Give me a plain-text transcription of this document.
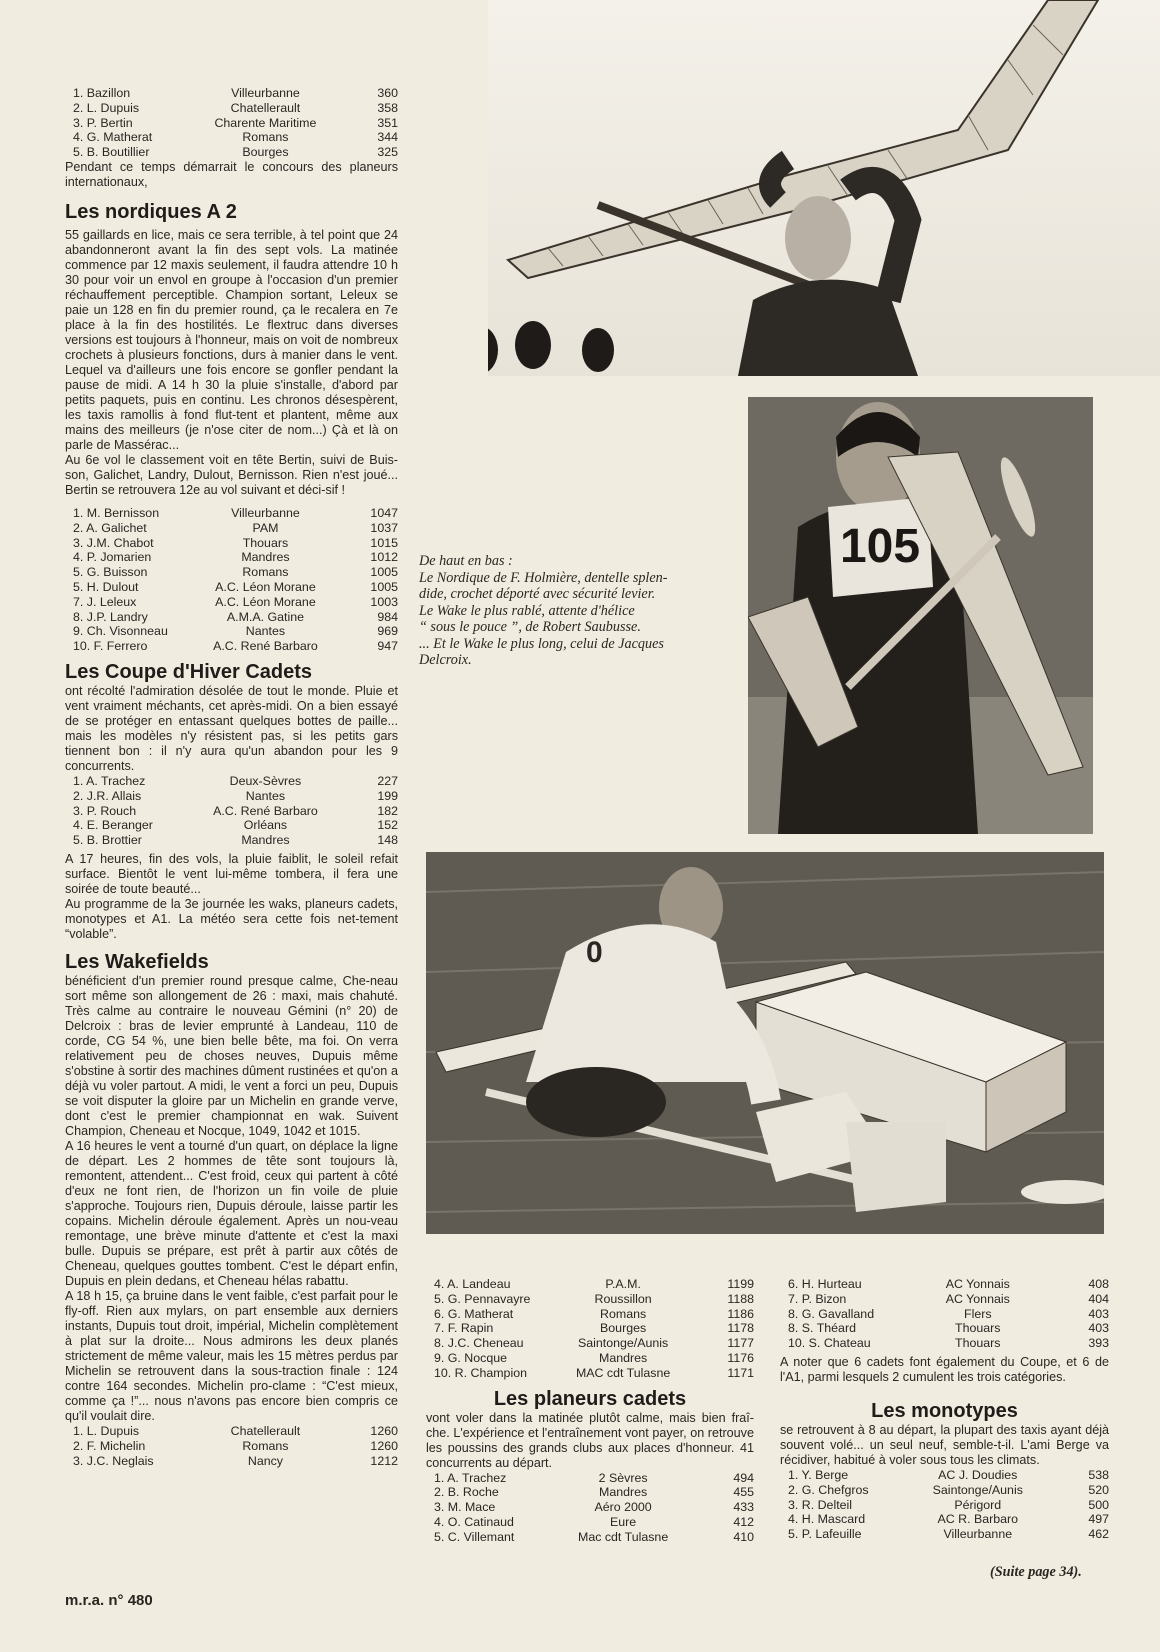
1. Bazillon	Villeurbanne	360
2. L. Dupuis	Chatellerault	358
3. P. Bertin	Charente Maritime	351
4. G. Matherat	Romans	344
5. B. Boutillier	Bourges	325

Pendant ce temps démarrait le concours des planeurs internationaux,

Les nordiques A 2

55 gaillards en lice, mais ce sera terrible, à tel point que 24 abandonneront avant la fin des sept vols. La matinée commence par 12 maxis seulement, il faudra attendre 10 h 30 pour voir un envol en groupe à l'occasion d'un premier réchauffement perceptible. Champion sortant, Leleux se paie un 128 en fin du premier round, ça le recalera en 7e place à la fin des hostilités. Le flextruc dans diverses versions est toujours à l'honneur, mais on voit de nombreux crochets à plusieurs fonctions, durs à manier dans le vent. Lequel va d'ailleurs une fois encore se gonfler pendant la pause de midi. A 14 h 30 la pluie s'installe, d'abord par petits paquets, puis en continu. Les chronos désespèrent, les taxis ramollis à fond flut-tent et plantent, même aux mains des meilleurs (je n'ose citer de nom...) Çà et là on parle de Massérac...

Au 6e vol le classement voit en tête Bertin, suivi de Buis-son, Galichet, Landry, Dulout, Bernisson. Rien n'est joué... Bertin se retrouvera 12e au vol suivant et déci-sif !

1. M. Bernisson	Villeurbanne	1047
2. A. Galichet	PAM	1037
3. J.M. Chabot	Thouars	1015
4. P. Jomarien	Mandres	1012
5. G. Buisson	Romans	1005
5. H. Dulout	A.C. Léon Morane	1005
7. J. Leleux	A.C. Léon Morane	1003
8. J.P. Landry	A.M.A. Gatine	984
9. Ch. Visonneau	Nantes	969
10. F. Ferrero	A.C. René Barbaro	947
Les Coupe d'Hiver Cadets

ont récolté l'admiration désolée de tout le monde. Pluie et vent vraiment méchants, cet après-midi. On a bien essayé de se protéger en entassant quelques bottes de paille... mais les modèles n'y résistent pas, si les petits gars tiennent bon : il n'y aura qu'un abandon pour les 9 concurrents.

1. A. Trachez	Deux-Sèvres	227
2. J.R. Allais	Nantes	199
3. P. Rouch	A.C. René Barbaro	182
4. E. Beranger	Orléans	152
5. B. Brottier	Mandres	148

A 17 heures, fin des vols, la pluie faiblit, le soleil refait surface. Bientôt le vent lui-même tombera, il fera une soirée de toute beauté...

Au programme de la 3e journée les waks, planeurs cadets, monotypes et A1. La météo sera cette fois net-tement “volable”.

Les Wakefields

bénéficient d'un premier round presque calme, Che-neau sort même son allongement de 26 : maxi, mais chahuté. Très calme au contraire le nouveau Gémini (n° 20) de Delcroix : bras de levier emprunté à Landeau, 110 de corde, CG 54 %, une bien belle bête, ma foi. On verra relativement peu de choses neuves, Dupuis même s'obstine à sortir des machines dûment rustinées et qu'on a déjà vu voler partout. A midi, le vent a forci un peu, Dupuis se voit disputer la gloire par un Michelin en grande verve, dont c'est le premier championnat en wak. Suivent Champion, Cheneau et Nocque, 1049, 1042 et 1015.

A 16 heures le vent a tourné d'un quart, on déplace la ligne de départ. Les 2 hommes de tête sont toujours là, remontent, attendent... C'est froid, ceux qui partent à côté d'eux ne font rien, de l'horizon un fin voile de pluie s'approche. Toujours rien, Dupuis déroule, laisse partir les copains. Michelin déroule également. Après un nou-veau remontage, une brève minute d'attente et c'est la maxi bulle. Dupuis se prépare, est prêt à partir aux côtés de Cheneau, quelques gouttes tombent. C'est le départ enfin, Dupuis en plein dedans, et Cheneau hélas rabattu.

A 18 h 15, ça bruine dans le vent faible, c'est parfait pour le fly-off. Rien aux mylars, on part ensemble aux derniers instants, Dupuis tout droit, impérial, Michelin complètement à plat sur la droite... Nous admirons les deux planés strictement de même valeur, mais les 15 mètres perdus par Michelin se retrouvent dans la sous-traction finale : 124 contre 164 secondes. Michelin pro-clame : “C'est mieux, comme ça !”... nous n'avons pas encore bien compris ce qu'il voulait dire.

1. L. Dupuis	Chatellerault	1260
2. F. Michelin	Romans	1260
3. J.C. Neglais	Nancy	1212
105
De haut en bas :
Le Nordique de F. Holmière, dentelle splen-
dide, crochet déporté avec sécurité levier.
Le Wake le plus rablé, attente d'hélice
“ sous le pouce ”, de Robert Saubusse.
... Et le Wake le plus long, celui de Jacques
Delcroix.
0
4. A. Landeau	P.A.M.	1199
5. G. Pennavayre	Roussillon	1188
6. G. Matherat	Romans	1186
7. F. Rapin	Bourges	1178
8. J.C. Cheneau	Saintonge/Aunis	1177
9. G. Nocque	Mandres	1176
10. R. Champion	MAC cdt Tulasne	1171
Les planeurs cadets

vont voler dans la matinée plutôt calme, mais bien fraî-che. L'expérience et l'entraînement vont payer, on retrouve les poussins des grands clubs aux places d'honneur. 41 concurrents au départ.

1. A. Trachez	2 Sèvres	494
2. B. Roche	Mandres	455
3. M. Mace	Aéro 2000	433
4. O. Catinaud	Eure	412
5. C. Villemant	Mac cdt Tulasne	410
6. H. Hurteau	AC Yonnais	408
7. P. Bizon	AC Yonnais	404
8. G. Gavalland	Flers	403
8. S. Théard	Thouars	403
10. S. Chateau	Thouars	393

A noter que 6 cadets font également du Coupe, et 6 de l'A1, parmi lesquels 2 cumulent les trois catégories.

Les monotypes

se retrouvent à 8 au départ, la plupart des taxis ayant déjà souvent volé... un seul neuf, semble-t-il. L'ami Berge va récidiver, habitué à voler sous tous les climats.

1. Y. Berge	AC J. Doudies	538
2. G. Chefgros	Saintonge/Aunis	520
3. R. Delteil	Périgord	500
4. H. Mascard	AC R. Barbaro	497
5. P. Lafeuille	Villeurbanne	462
(Suite page 34).
m.r.a. n° 480
